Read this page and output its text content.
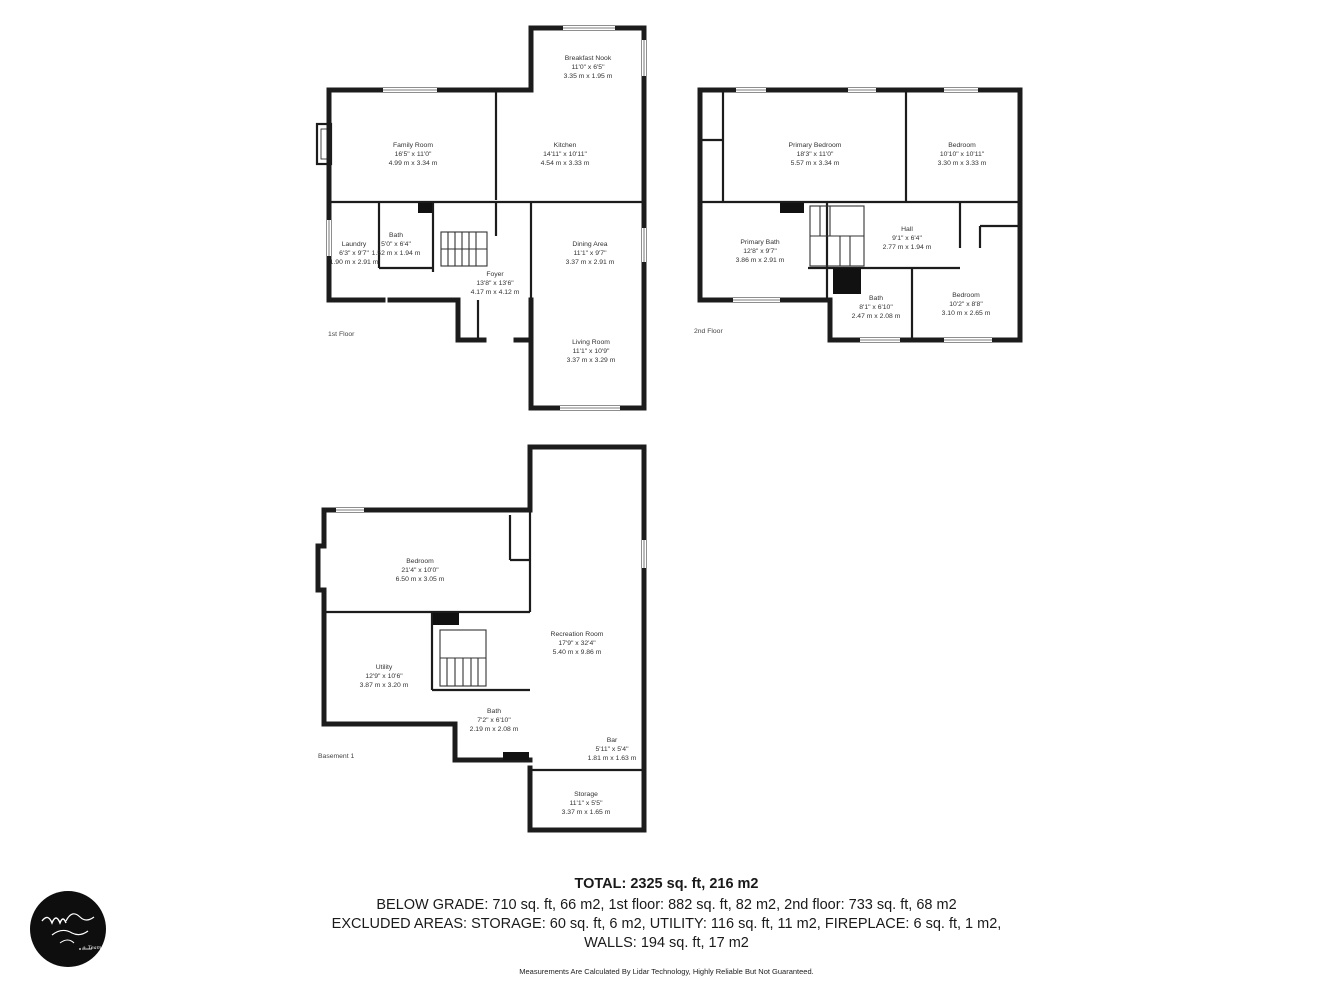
Family Room
16'5" x 11'0"
4.99 m x 3.34 m
Kitchen
14'11" x 10'11"
4.54 m x 3.33 m
Breakfast Nook
11'0" x 6'5"
3.35 m x 1.95 m
Laundry
6'3" x 9'7"
1.90 m x 2.91 m
Bath
5'0" x 6'4"
1.52 m x 1.94 m
Foyer
13'8" x 13'6"
4.17 m x 4.12 m
Dining Area
11'1" x 9'7"
3.37 m x 2.91 m
Living Room
11'1" x 10'9"
3.37 m x 3.29 m
Primary Bedroom
18'3" x 11'0"
5.57 m x 3.34 m
Bedroom
10'10" x 10'11"
3.30 m x 3.33 m
Primary Bath
12'8" x 9'7"
3.86 m x 2.91 m
Hall
9'1" x 6'4"
2.77 m x 1.94 m
Bath
8'1" x 6'10"
2.47 m x 2.08 m
Bedroom
10'2" x 8'8"
3.10 m x 2.65 m
Bedroom
21'4" x 10'0"
6.50 m x 3.05 m
Recreation Room
17'9" x 32'4"
5.40 m x 9.86 m
Utility
12'9" x 10'6"
3.87 m x 3.20 m
Bath
7'2" x 6'10"
2.19 m x 2.08 m
Bar
5'11" x 5'4"
1.81 m x 1.63 m
Storage
11'1" x 5'5"
3.37 m x 1.65 m
1st Floor	2nd Floor
Basement 1
+ Team
TOTAL: 2325 sq. ft, 216 m2
BELOW GRADE: 710 sq. ft, 66 m2, 1st floor: 882 sq. ft, 82 m2, 2nd floor: 733 sq. ft, 68 m2
EXCLUDED AREAS: STORAGE: 60 sq. ft, 6 m2, UTILITY: 116 sq. ft, 11 m2, FIREPLACE: 6 sq. ft, 1 m2,
WALLS: 194 sq. ft, 17 m2
Measurements Are Calculated By Lidar Technology, Highly Reliable But Not Guaranteed.
